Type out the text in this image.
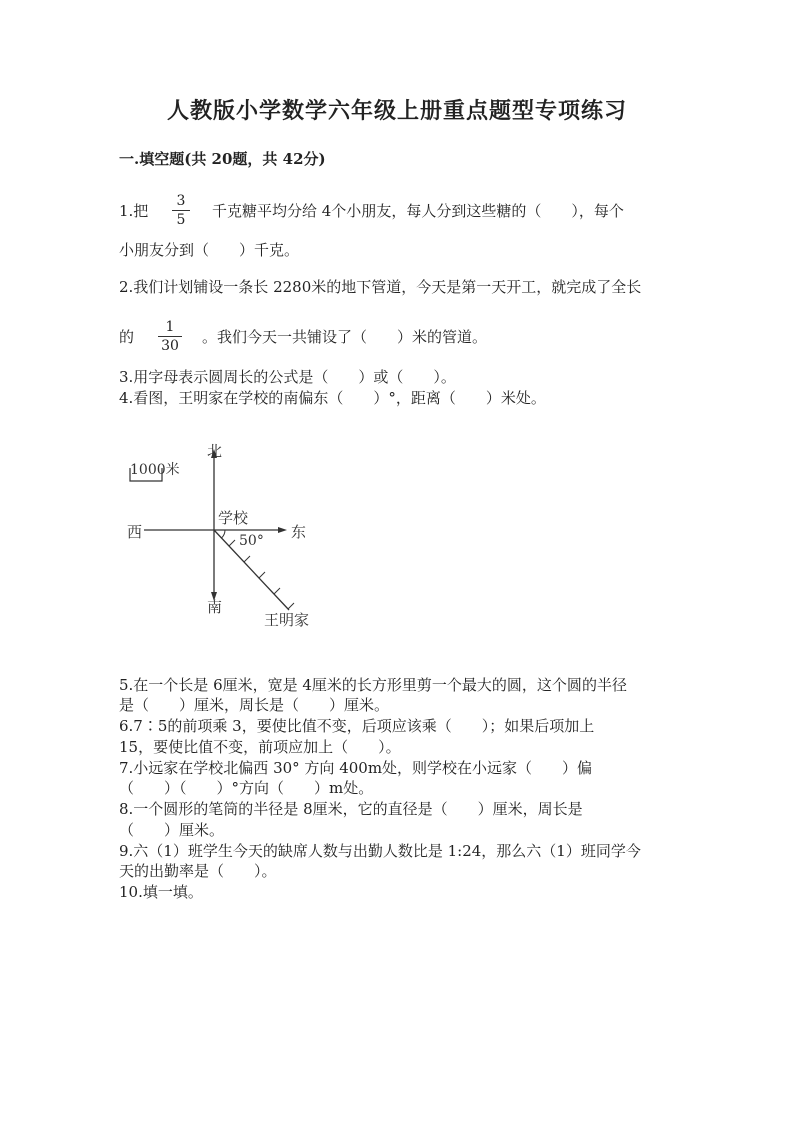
人教版小学数学六年级上册重点题型专项练习
一.填空题(共 20题，共 42分)
1.把
3
5	千克糖平均分给 4个小朋友，每人分到这些糖的（　　），每个
小朋友分到（　　）千克。
2.我们计划铺设一条长 2280米的地下管道，今天是第一天开工，就完成了全长
的
1
30 。我们今天一共铺设了（　　）米的管道。
3.用字母表示圆周长的公式是（　　）或（　　）。
4.看图，王明家在学校的南偏东（　　）°，距离（　　）米处。
1000米
北
南
西	东
学校
50°
王明家
5.在一个长是 6厘米，宽是 4厘米的长方形里剪一个最大的圆，这个圆的半径
是（　　）厘米，周长是（　　）厘米。
6.7∶5的前项乘 3，要使比值不变，后项应该乘（　　）；如果后项加上
15，要使比值不变，前项应加上（　　）。
7.小远家在学校北偏西 30° 方向 400m处，则学校在小远家（　　）偏
（　　）（　　）°方向（　　）m处。
8.一个圆形的笔筒的半径是 8厘米，它的直径是（　　）厘米，周长是
（　　）厘米。
9.六（1）班学生今天的缺席人数与出勤人数比是 1:24，那么六（1）班同学今
天的出勤率是（　　）。
10.填一填。
